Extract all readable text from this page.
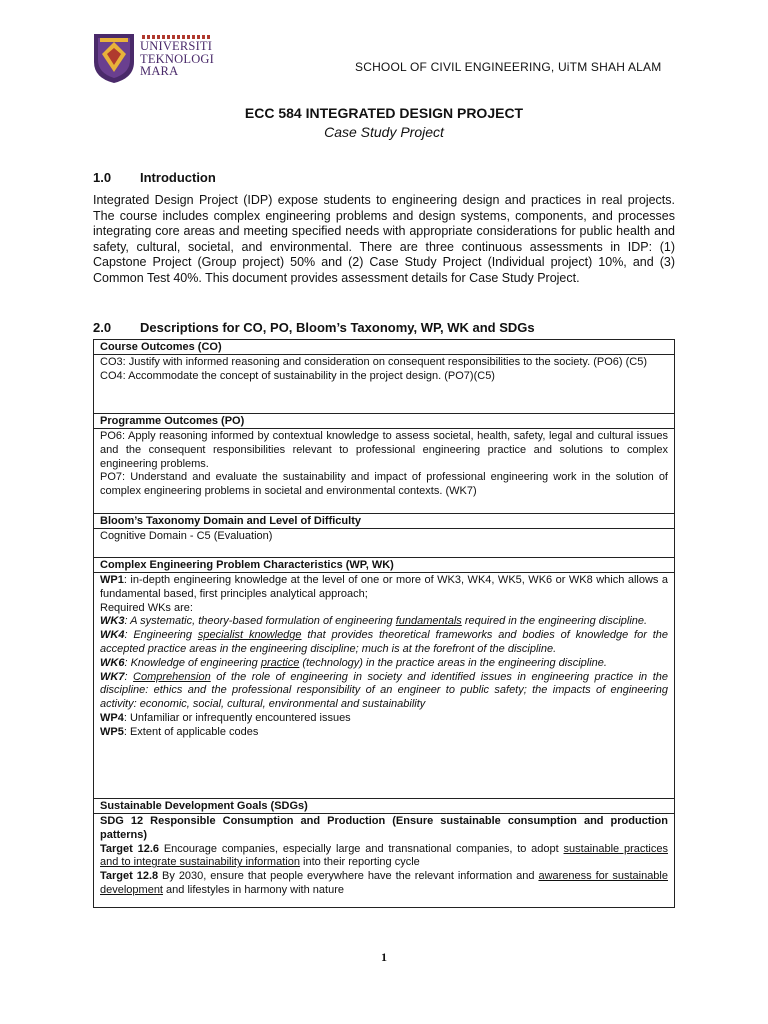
UNIVERSITI
TEKNOLOGI
MARA	SCHOOL OF CIVIL ENGINEERING, UiTM SHAH ALAM
ECC 584 INTEGRATED DESIGN PROJECT
Case Study Project
1.0 Introduction
Integrated Design Project (IDP) expose students to engineering design and practices in real projects. The course includes complex engineering problems and design systems, components, and processes integrating core areas and meeting specified needs with appropriate considerations for public health and safety, cultural, societal, and environmental. There are three continuous assessments in IDP: (1) Capstone Project (Group project) 50% and (2) Case Study Project (Individual project) 10%, and (3) Common Test 40%. This document provides assessment details for Case Study Project.
2.0 Descriptions for CO, PO, Bloom’s Taxonomy, WP, WK and SDGs
Course Outcomes (CO)

CO3: Justify with informed reasoning and consideration on consequent responsibilities to the society. (PO6) (C5)

CO4: Accommodate the concept of sustainability in the project design. (PO7)(C5)

Programme Outcomes (PO)

PO6: Apply reasoning informed by contextual knowledge to assess societal, health, safety, legal and cultural issues and the consequent responsibilities relevant to professional engineering practice and solutions to complex engineering problems.

PO7: Understand and evaluate the sustainability and impact of professional engineering work in the solution of complex engineering problems in societal and environmental contexts. (WK7)

Bloom’s Taxonomy Domain and Level of Difficulty

Cognitive Domain - C5 (Evaluation)

Complex Engineering Problem Characteristics (WP, WK)

WP1: in-depth engineering knowledge at the level of one or more of WK3, WK4, WK5, WK6 or WK8 which allows a fundamental based, first principles analytical approach;

Required WKs are:

WK3: A systematic, theory-based formulation of engineering fundamentals required in the engineering discipline.

WK4: Engineering specialist knowledge that provides theoretical frameworks and bodies of knowledge for the accepted practice areas in the engineering discipline; much is at the forefront of the discipline.

WK6: Knowledge of engineering practice (technology) in the practice areas in the engineering discipline.

WK7: Comprehension of the role of engineering in society and identified issues in engineering practice in the discipline: ethics and the professional responsibility of an engineer to public safety; the impacts of engineering activity: economic, social, cultural, environmental and sustainability

WP4: Unfamiliar or infrequently encountered issues

WP5: Extent of applicable codes

Sustainable Development Goals (SDGs)

SDG 12 Responsible Consumption and Production (Ensure sustainable consumption and production patterns)

Target 12.6 Encourage companies, especially large and transnational companies, to adopt sustainable practices and to integrate sustainability information into their reporting cycle

Target 12.8 By 2030, ensure that people everywhere have the relevant information and awareness for sustainable development and lifestyles in harmony with nature

1
